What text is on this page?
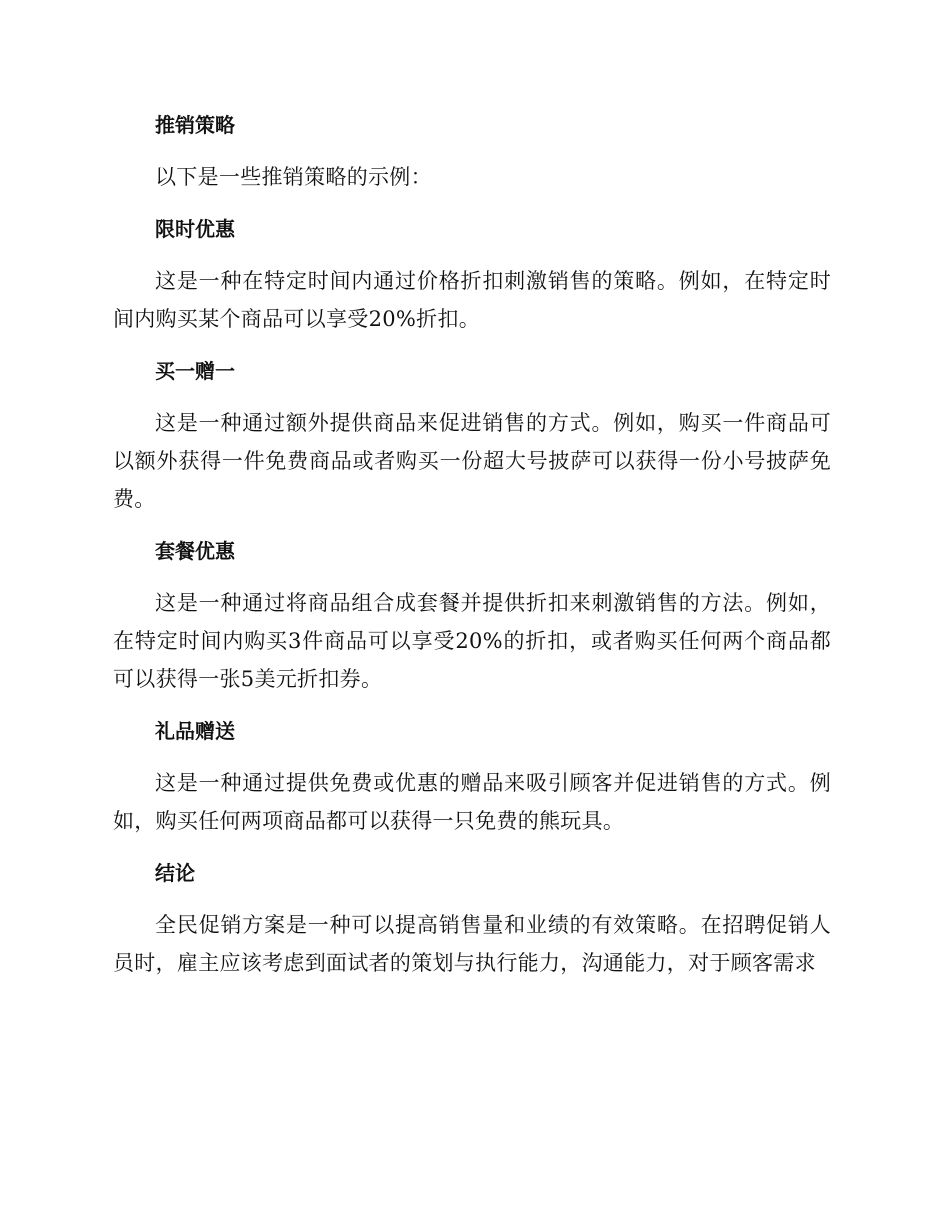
推销策略

以下是一些推销策略的示例：

限时优惠

这是一种在特定时间内通过价格折扣刺激销售的策略。例如，在特定时间内购买某个商品可以享受20%折扣。

买一赠一

这是一种通过额外提供商品来促进销售的方式。例如，购买一件商品可以额外获得一件免费商品或者购买一份超大号披萨可以获得一份小号披萨免费。

套餐优惠

这是一种通过将商品组合成套餐并提供折扣来刺激销售的方法。例如，在特定时间内购买3件商品可以享受20%的折扣，或者购买任何两个商品都可以获得一张5美元折扣券。

礼品赠送

这是一种通过提供免费或优惠的赠品来吸引顾客并促进销售的方式。例如，购买任何两项商品都可以获得一只免费的熊玩具。

结论

全民促销方案是一种可以提高销售量和业绩的有效策略。在招聘促销人员时，雇主应该考虑到面试者的策划与执行能力，沟通能力，对于顾客需求
